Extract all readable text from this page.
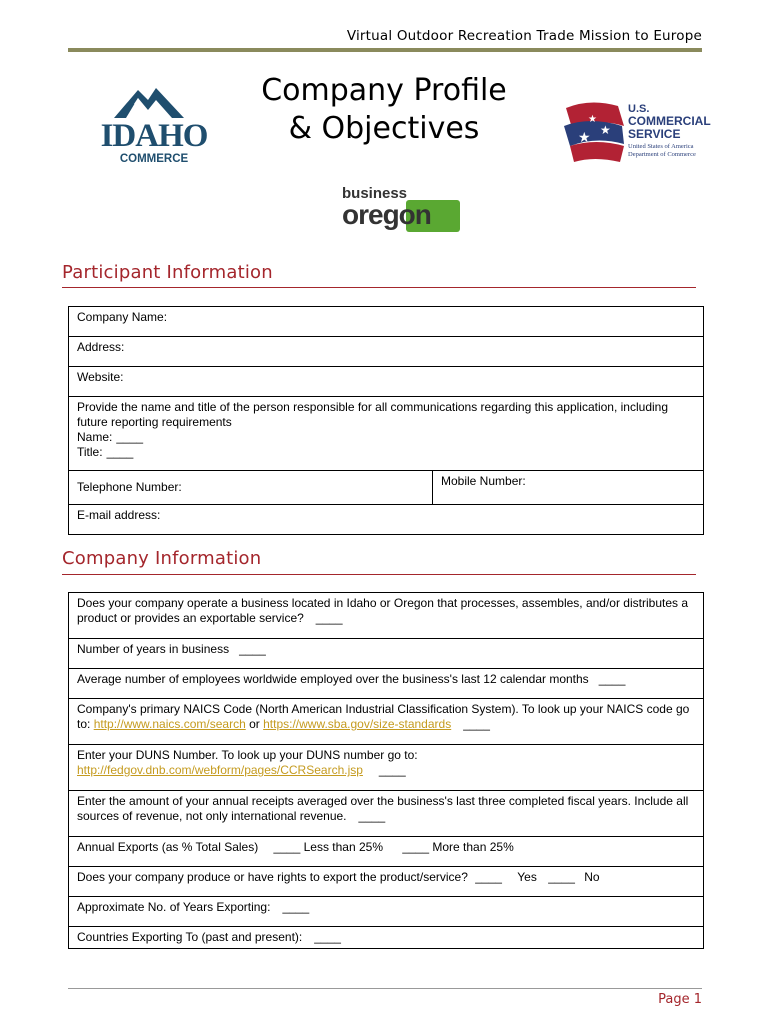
Virtual Outdoor Recreation Trade Mission to Europe
Company Profile
& Objectives
IDAHO
COMMERCE
★ ★
★
U.S.
COMMERCIAL
SERVICE
United States of America
Department of Commerce
business
oregon
Participant Information
Company Name:
Address:
Website:

Provide the name and title of the person responsible for all communications regarding this application, including future reporting requirements
Name: ____
Title: ____

Telephone Number:	Mobile Number:
E-mail address:
Company Information
Does your company operate a business located in Idaho or Oregon that processes, assembles, and/or distributes a product or provides an exportable service? ____
Number of years in business ____
Average number of employees worldwide employed over the business's last 12 calendar months ____
Company's primary NAICS Code (North American Industrial Classification System). To look up your NAICS code go to: http://www.naics.com/search or https://www.sba.gov/size-standards ____

Enter your DUNS Number. To look up your DUNS number go to:
http://fedgov.dnb.com/webform/pages/CCRSearch.jsp ____
Enter the amount of your annual receipts averaged over the business's last three completed fiscal years. Include all sources of revenue, not only international revenue. ____
Annual Exports (as % Total Sales) ____ Less than 25% ____ More than 25%
Does your company produce or have rights to export the product/service? ____ Yes ____ No
Approximate No. of Years Exporting: ____
Countries Exporting To (past and present): ____
Page 1
